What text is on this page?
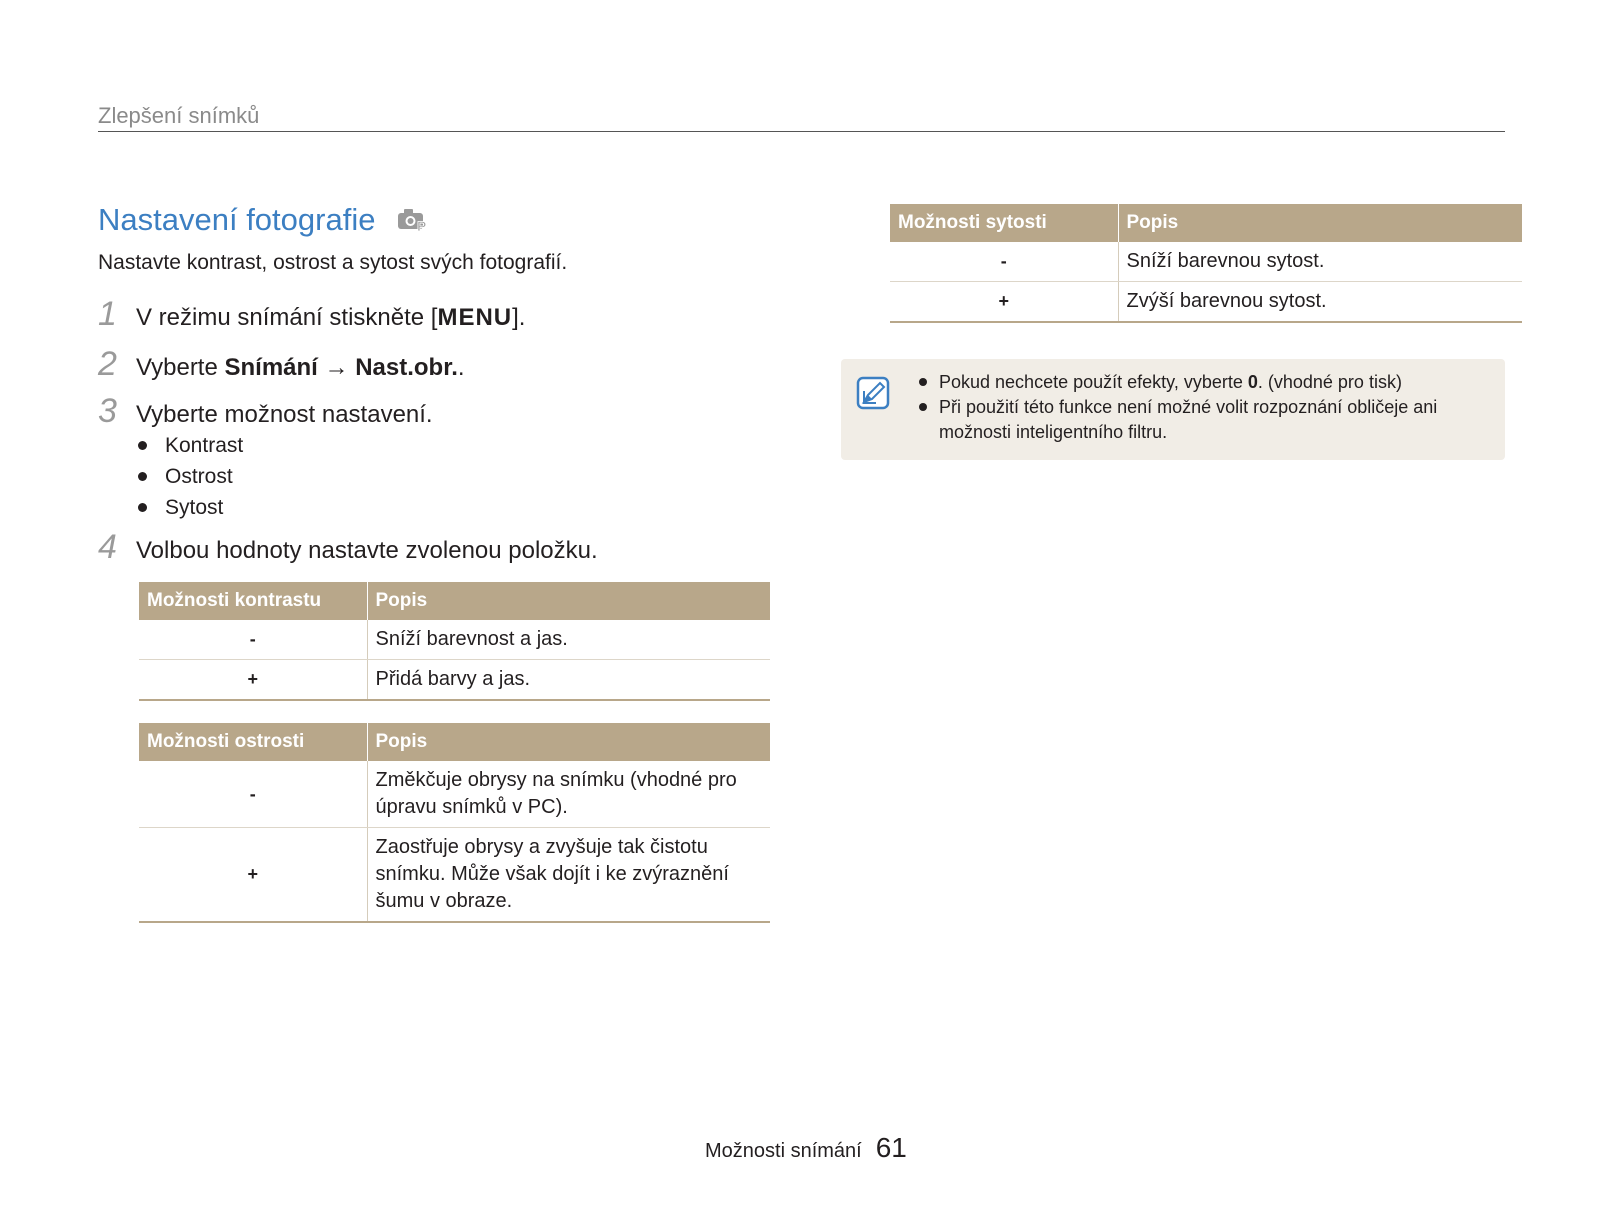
Zlepšení snímků
Nastavení fotografie	P
Nastavte kontrast, ostrost a sytost svých fotografií.
1 V režimu snímání stiskněte [MENU].
2 Vyberte Snímání → Nast.obr..
3 Vyberte možnost nastavení.
Kontrast
Ostrost
Sytost
4 Volbou hodnoty nastavte zvolenou položku.
Možnosti kontrastu	Popis
-	Sníží barevnost a jas.
+	Přidá barvy a jas.
Možnosti ostrosti	Popis
-	Změkčuje obrysy na snímku (vhodné pro úpravu snímků v PC).
+	Zaostřuje obrysy a zvyšuje tak čistotu snímku. Může však dojít i ke zvýraznění šumu v obraze.
Možnosti sytosti	Popis
-	Sníží barevnou sytost.
+	Zvýší barevnou sytost.
Pokud nechcete použít efekty, vyberte 0. (vhodné pro tisk)
Při použití této funkce není možné volit rozpoznání obličeje ani možnosti inteligentního filtru.
Možnosti snímání 61
